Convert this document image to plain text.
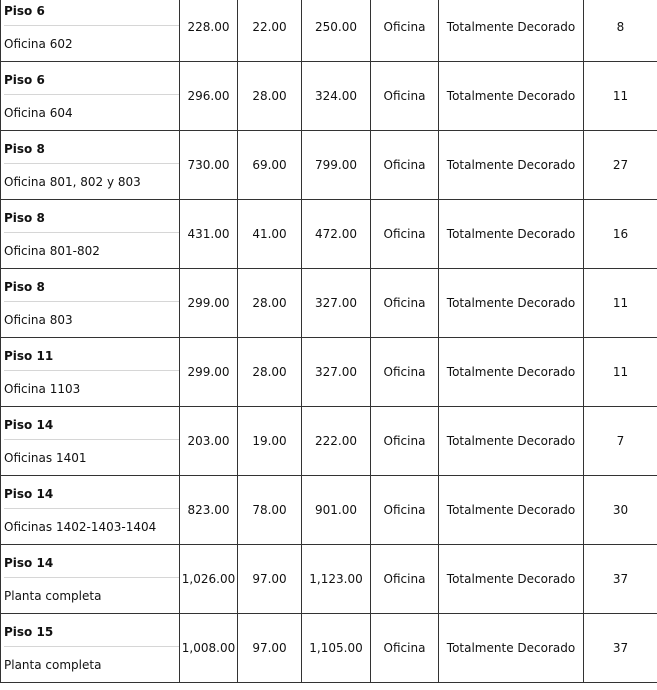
Piso 6
Oficina 602	228.00	22.00	250.00	Oficina	Totalmente Decorado	8

Piso 6
Oficina 604	296.00	28.00	324.00	Oficina	Totalmente Decorado	11

Piso 8
Oficina 801, 802 y 803	730.00	69.00	799.00	Oficina	Totalmente Decorado	27

Piso 8
Oficina 801-802	431.00	41.00	472.00	Oficina	Totalmente Decorado	16

Piso 8
Oficina 803	299.00	28.00	327.00	Oficina	Totalmente Decorado	11

Piso 11
Oficina 1103	299.00	28.00	327.00	Oficina	Totalmente Decorado	11

Piso 14
Oficinas 1401	203.00	19.00	222.00	Oficina	Totalmente Decorado	7

Piso 14
Oficinas 1402-1403-1404	823.00	78.00	901.00	Oficina	Totalmente Decorado	30

Piso 14
Planta completa	1,026.00	97.00	1,123.00	Oficina	Totalmente Decorado	37

Piso 15
Planta completa	1,008.00	97.00	1,105.00	Oficina	Totalmente Decorado	37
